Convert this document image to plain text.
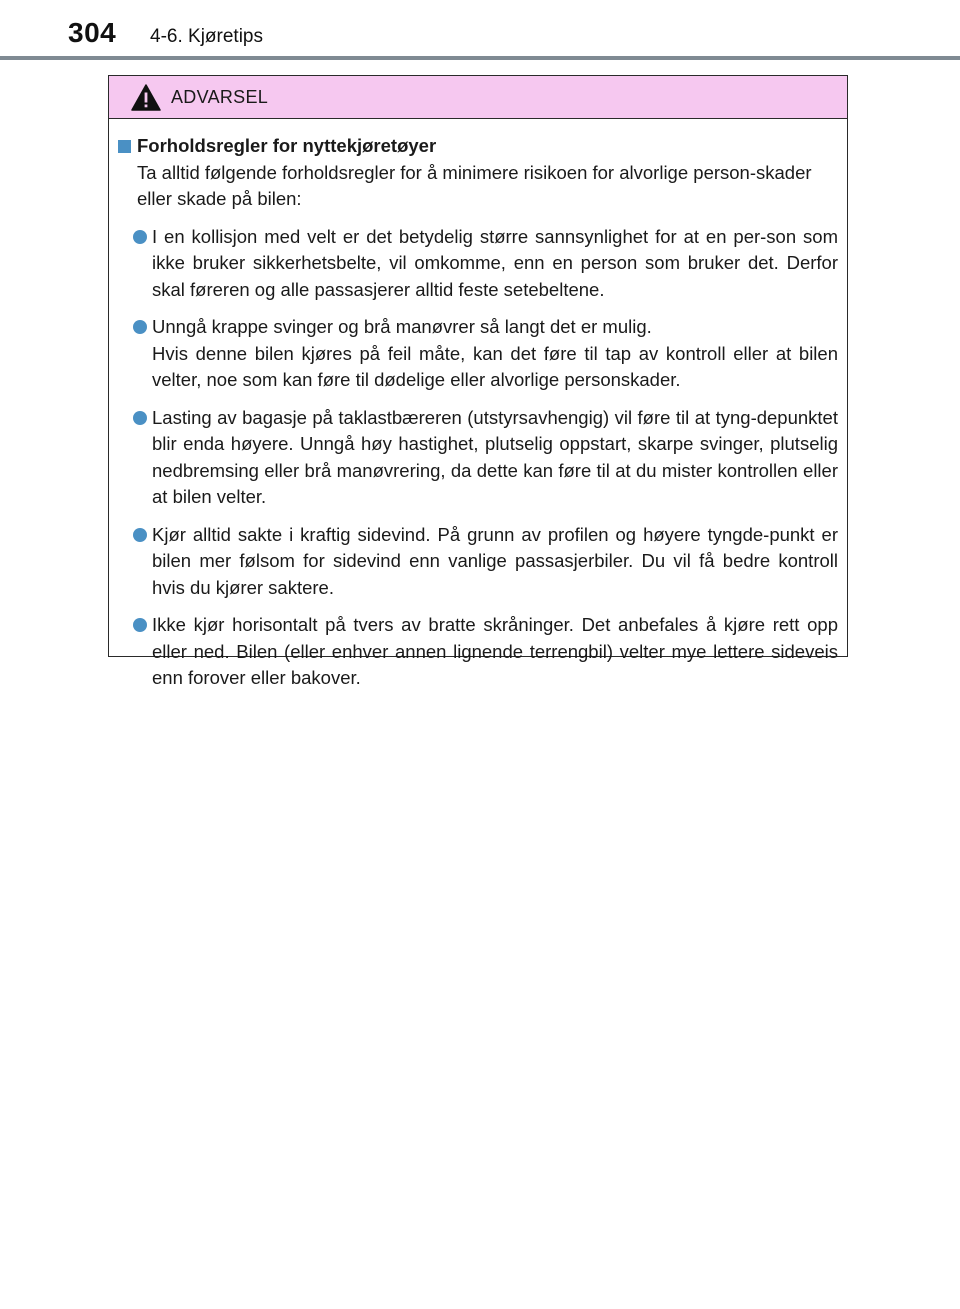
304 4-6. Kjøretips
ADVARSEL
Forholdsregler for nyttekjøretøyer
Ta alltid følgende forholdsregler for å minimere risikoen for alvorlige person-skader eller skade på bilen:
I en kollisjon med velt er det betydelig større sannsynlighet for at en per-son som ikke bruker sikkerhetsbelte, vil omkomme, enn en person som bruker det. Derfor skal føreren og alle passasjerer alltid feste setebeltene.
Unngå krappe svinger og brå manøvrer så langt det er mulig.
Hvis denne bilen kjøres på feil måte, kan det føre til tap av kontroll eller at bilen velter, noe som kan føre til dødelige eller alvorlige personskader.
Lasting av bagasje på taklastbæreren (utstyrsavhengig) vil føre til at tyng-depunktet blir enda høyere. Unngå høy hastighet, plutselig oppstart, skarpe svinger, plutselig nedbremsing eller brå manøvrering, da dette kan føre til at du mister kontrollen eller at bilen velter.
Kjør alltid sakte i kraftig sidevind. På grunn av profilen og høyere tyngde-punkt er bilen mer følsom for sidevind enn vanlige passasjerbiler. Du vil få bedre kontroll hvis du kjører saktere.
Ikke kjør horisontalt på tvers av bratte skråninger. Det anbefales å kjøre rett opp eller ned. Bilen (eller enhver annen lignende terrengbil) velter mye lettere sideveis enn forover eller bakover.
